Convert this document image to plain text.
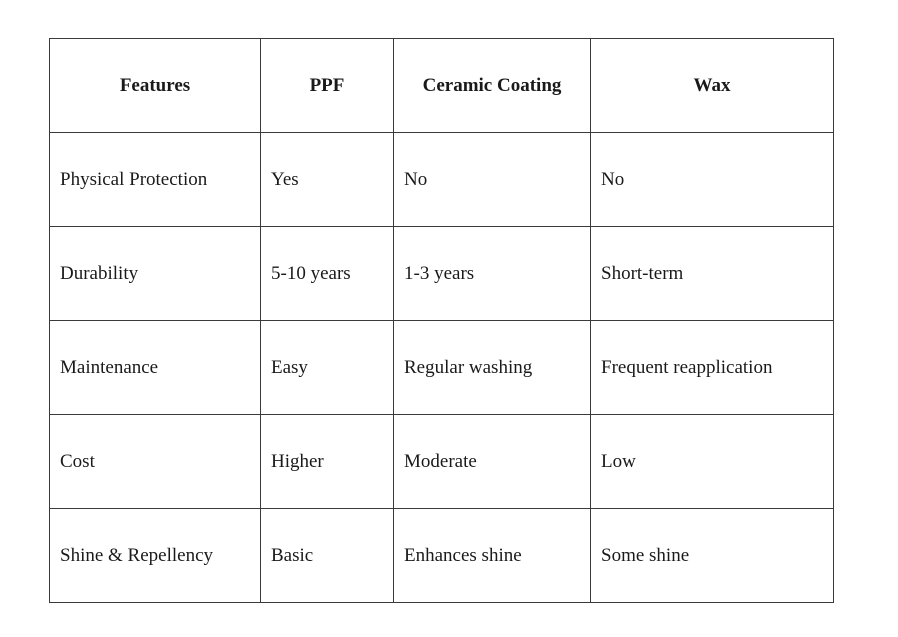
Features	PPF	Ceramic Coating	Wax
Physical Protection	Yes	No	No
Durability	5-10 years	1-3 years	Short-term
Maintenance	Easy	Regular washing	Frequent reapplication
Cost	Higher	Moderate	Low
Shine & Repellency	Basic	Enhances shine	Some shine
